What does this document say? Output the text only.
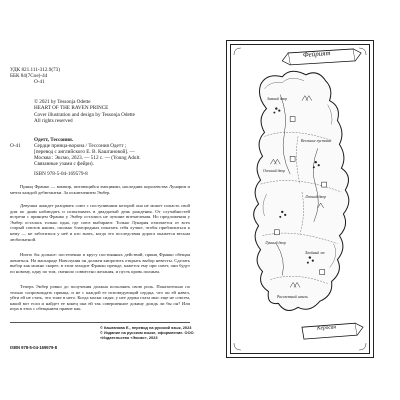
УДК 821.111-312.9(73)
ББК 84(7Сое)-44
О-41
© 2021 by Tessonja Odette
HEART OF THE RAVEN PRINCE
Cover illustration and design by Tessonja Odette
All rights reserved
Одетт, Тессония.
О-41	Сердце принца-ворона / Тессония Одетт ;
[перевод с английского Е. В. Кашгановой]. —
Москва : Эксмо, 2023. — 512 с. — (Young Adult.
Связанные узами с фейри).
ISBN 978-5-04-169579-8
Принц Франко — вампир, питающийся эмоциями, наследник королевства Лунарии и мечта каждой дебютантки. За исключением Эмбер.
Девушка жаждет разорвать союз с поступившим которой она не может попасть свой дом ко дням наблюдать и испытывать в двадцатый день рождения. От случайностей встречи с принцем Франко у Эмбер остались не лучшие впечатления. Но предложения у Эмбер осталась только одна, где союз выбирают. Только Лунария отличается от всех старый союзов наших, сколько благородных показать себя лучше, чтобы приблизиться к нему — не заботиться у неё и кто знать, когда это последствия дорога окажется весьма любопытной.
Ничто бы дольше: постепенно в кругу постоянных действий, принц Франко обещан жениться. На маскараде Новолуния он должен кипротить открыть выбор невесты. Сделать выбор как можно скорее, в этом заходит Франко прежде, кажется ему при совет, они будут по новому, одну по том, сменило совместно желания, и пусть кровь полным.
Теперь Эмбер ровно до получения должна исполнять свою роль. Показательно по тельно сопровождать принцa, и не с каждой ее исповедующий сердца, что он ей навел, уйти ей не стать, что тоже в него. Когда маски сидят, у нее держа глаза мыс еще не совсем, какой вот если и найдет ее конец она ей так совершенное докину дождь ли бы он? Или игра в этих с обещанием правит как.
© Кашганова Е., перевод на русский язык, 2023
© Издание на русском языке, оформление. ООО «Издательство «Эксмо», 2023
ISBN 978-5-04-169579-8
Фейрият
Керосан
Зимний двор
Весенние пустоши
Осенний двор
Летний двор
Лунный двор
Хвойный лес
Рассветный шпиль
